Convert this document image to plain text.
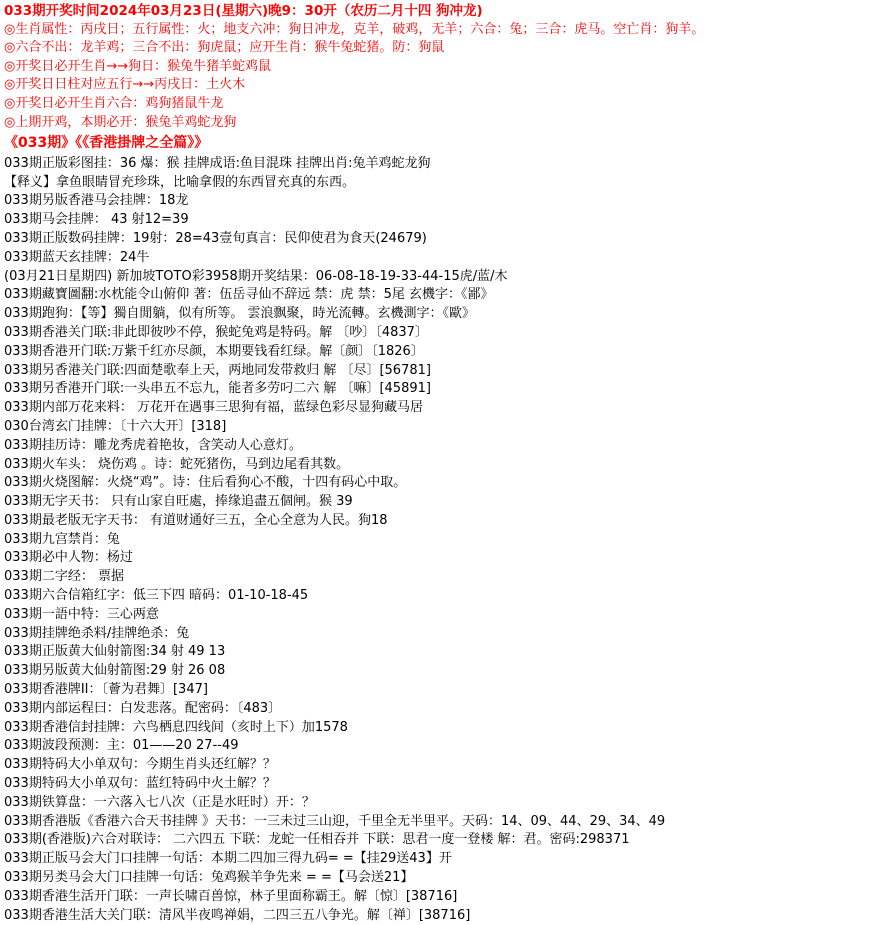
033期开奖时间2024年03月23日(星期六)晚9：30开（农历二月十四 狗冲龙)
◎生肖属性：丙戌日；五行属性：火；地支六冲：狗日冲龙，克羊，破鸡，无羊；六合：兔；三合：虎马。空亡肖：狗羊。
◎六合不出：龙羊鸡；三合不出：狗虎鼠；应开生肖：猴牛兔蛇猪。防：狗鼠
◎开奖日必开生肖→→狗日：猴兔牛猪羊蛇鸡鼠
◎开奖日日柱对应五行→→丙戌日：土火木
◎开奖日必开生肖六合：鸡狗猪鼠牛龙
◎上期开鸡，本期必开：猴兔羊鸡蛇龙狗
《033期》《《香港掛牌之全篇》》
033期正版彩图挂：36 爆：猴 挂牌成语:鱼目混珠 挂牌出肖:兔羊鸡蛇龙狗
【释义】拿鱼眼睛冒充珍珠，比喻拿假的东西冒充真的东西。
033期另版香港马会挂牌：18龙
033期马会挂牌： 43 射12=39
033期正版数码挂牌：19射：28=43壹旬真言：民仰使君为食天(24679)
033期蓝天玄挂牌：24牛
(03月21日星期四) 新加坡TOTO彩3958期开奖结果：06-08-18-19-33-44-15虎/蓝/木
033期藏寶圖翻:水枕能令山俯仰 著：伍岳寻仙不辞远 禁：虎 禁：5尾 玄機字：《鄙》
033期跑狗：【等】獨自閒躺，似有所等。 雲浪飘聚，時光流轉。玄機測字：《歐》
033期香港关门联:非此即彼吵不停，猴蛇兔鸡是特码。解 〔吵〕〔4837〕
033期香港开门联:万紫千红亦尽颜，本期要钱看红绿。解〔颜〕〔1826〕
033期另香港关门联:四面楚歌奉上天，两地同发带救归 解 〔尽〕[56781]
033期另香港开门联:一头串五不忘九，能者多劳叼二六 解 〔嘛〕[45891]
033期内部万花来料： 万花开在遇事三思狗有福，蓝绿色彩尽显狗藏马居
030台湾玄门挂牌：〔十六大开〕[318]
033期挂历诗：雕龙秀虎着艳妆，含笑动人心意灯。
033期火车头： 烧伤鸡 。诗：蛇死猪伤，马到边尾看其数。
033期火烧图解：火烧“鸡”。诗：住后看狗心不酸，十四有码心中取。
033期无字天书： 只有山家自旺處，捧缘追盡五個闸。猴 39
033期最老版无字天书： 有道财通好三五，全心全意为人民。狗18
033期九宫禁肖：兔
033期必中人物：杨过
033期二字经： 票据
033期六合信箱红字：低三下四 暗码：01-10-18-45
033期一語中特：三心两意
033期挂牌绝杀料/挂牌绝杀：兔
033期正版黄大仙射箭图:34 射 49 13
033期另版黄大仙射箭图:29 射 26 08
033期香港牌II：〔薈为君舞〕[347]
033期内部运程曰：白发悲落。配密码：〔483〕
033期香港信封挂牌：六鸟栖息四线间（亥时上下）加1578
033期波段预测：主：01——20 27--49
033期特码大小单双句：今期生肖头还红解？？
033期特码大小单双句：蓝红特码中火土解？？
033期铁算盘：一六落入七八次（正是水旺时）开：？
033期香港版《香港六合天书挂牌 》天书：一三未过三山迎，千里全无半里平。天码：14、09、44、29、34、49
033期(香港版)六合对联诗： 二六四五 下联：龙蛇一任相吞并 下联：思君一度一登楼 解：君。密码:298371
033期正版马会大门口挂牌一句话：本期二四加三得九码= =【挂29送43】开
033期另类马会大门口挂牌一句话：兔鸡猴羊争先来 = =【马会送21】
033期香港生活开门联：一声长啸百兽惊，林子里面称霸王。解〔惊〕[38716]
033期香港生活大关门联：清风半夜鸣禅娟，二四三五八争光。解〔禅〕[38716]
